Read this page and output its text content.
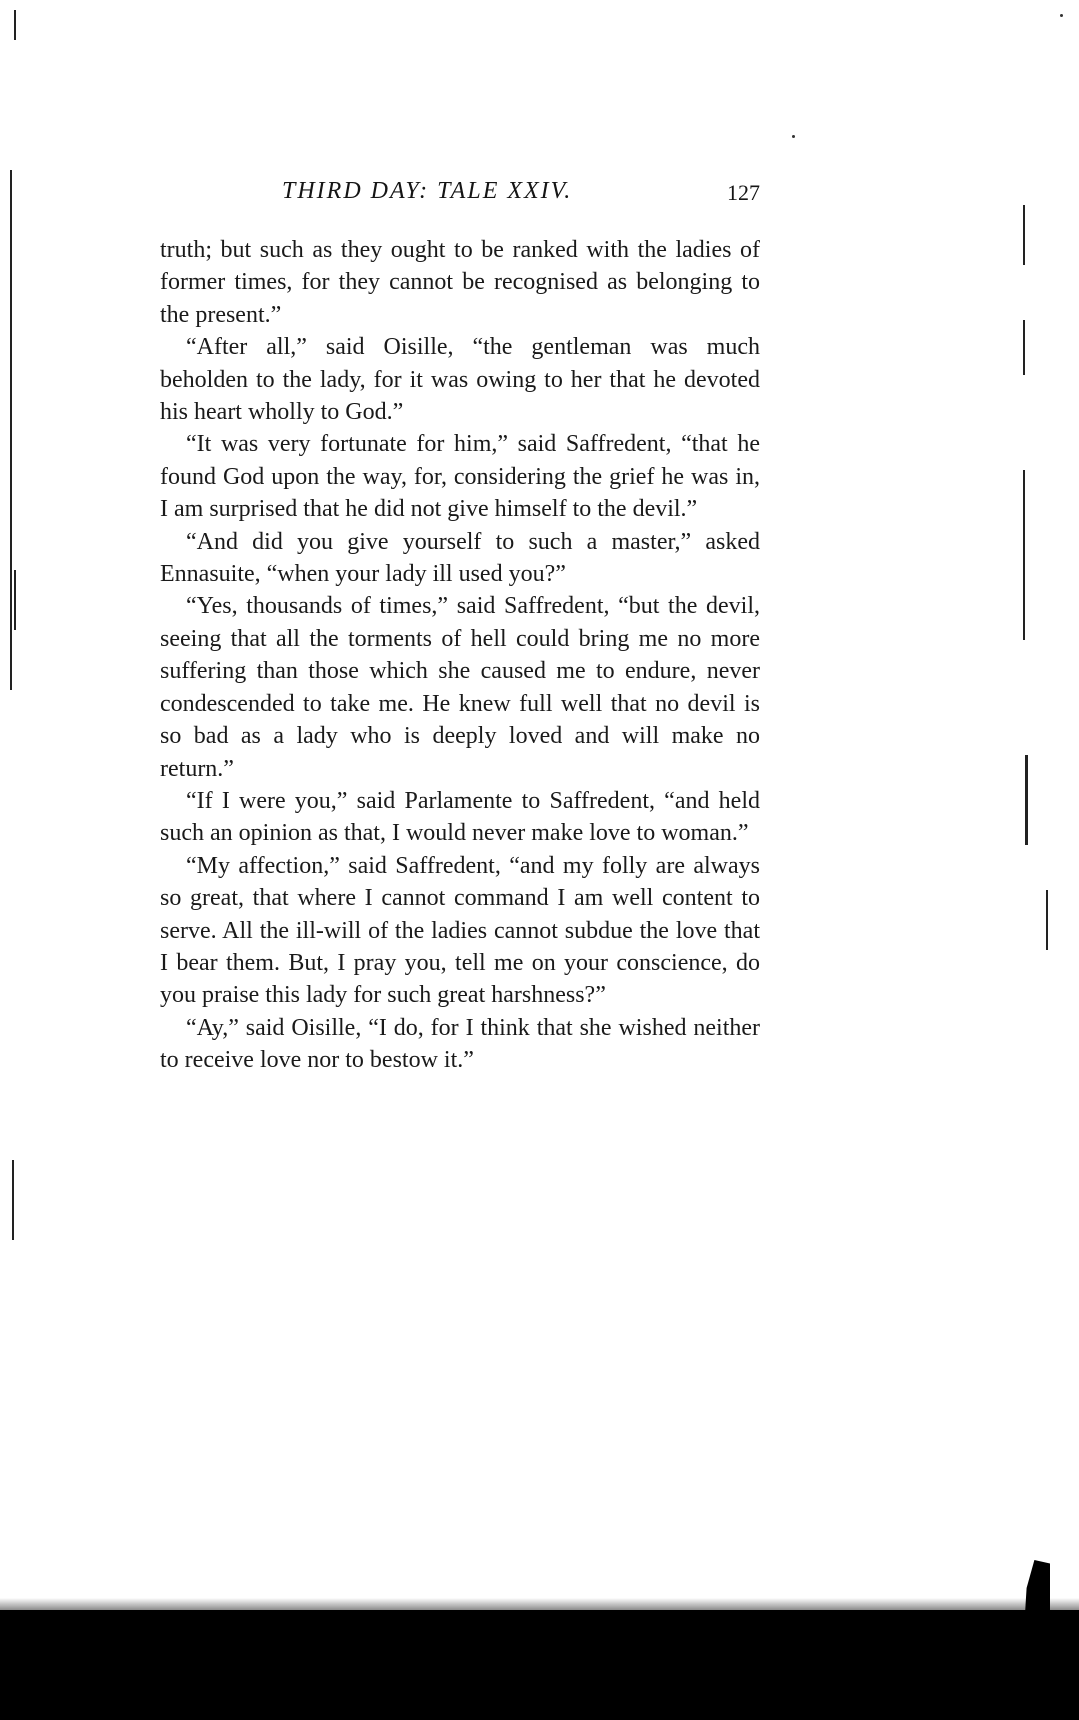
THIRD DAY: TALE XXIV.	127

truth; but such as they ought to be ranked with the ladies of former times, for they cannot be recognised as belonging to the present.”

“After all,” said Oisille, “the gentleman was much beholden to the lady, for it was owing to her that he devoted his heart wholly to God.”

“It was very fortunate for him,” said Saffredent, “that he found God upon the way, for, considering the grief he was in, I am surprised that he did not give himself to the devil.”

“And did you give yourself to such a master,” asked Ennasuite, “when your lady ill used you?”

“Yes, thousands of times,” said Saffredent, “but the devil, seeing that all the torments of hell could bring me no more suffering than those which she caused me to endure, never condescended to take me. He knew full well that no devil is so bad as a lady who is deeply loved and will make no return.”

“If I were you,” said Parlamente to Saffredent, “and held such an opinion as that, I would never make love to woman.”

“My affection,” said Saffredent, “and my folly are always so great, that where I cannot command I am well content to serve. All the ill-will of the ladies cannot subdue the love that I bear them. But, I pray you, tell me on your conscience, do you praise this lady for such great harshness?”

“Ay,” said Oisille, “I do, for I think that she wished neither to receive love nor to bestow it.”
